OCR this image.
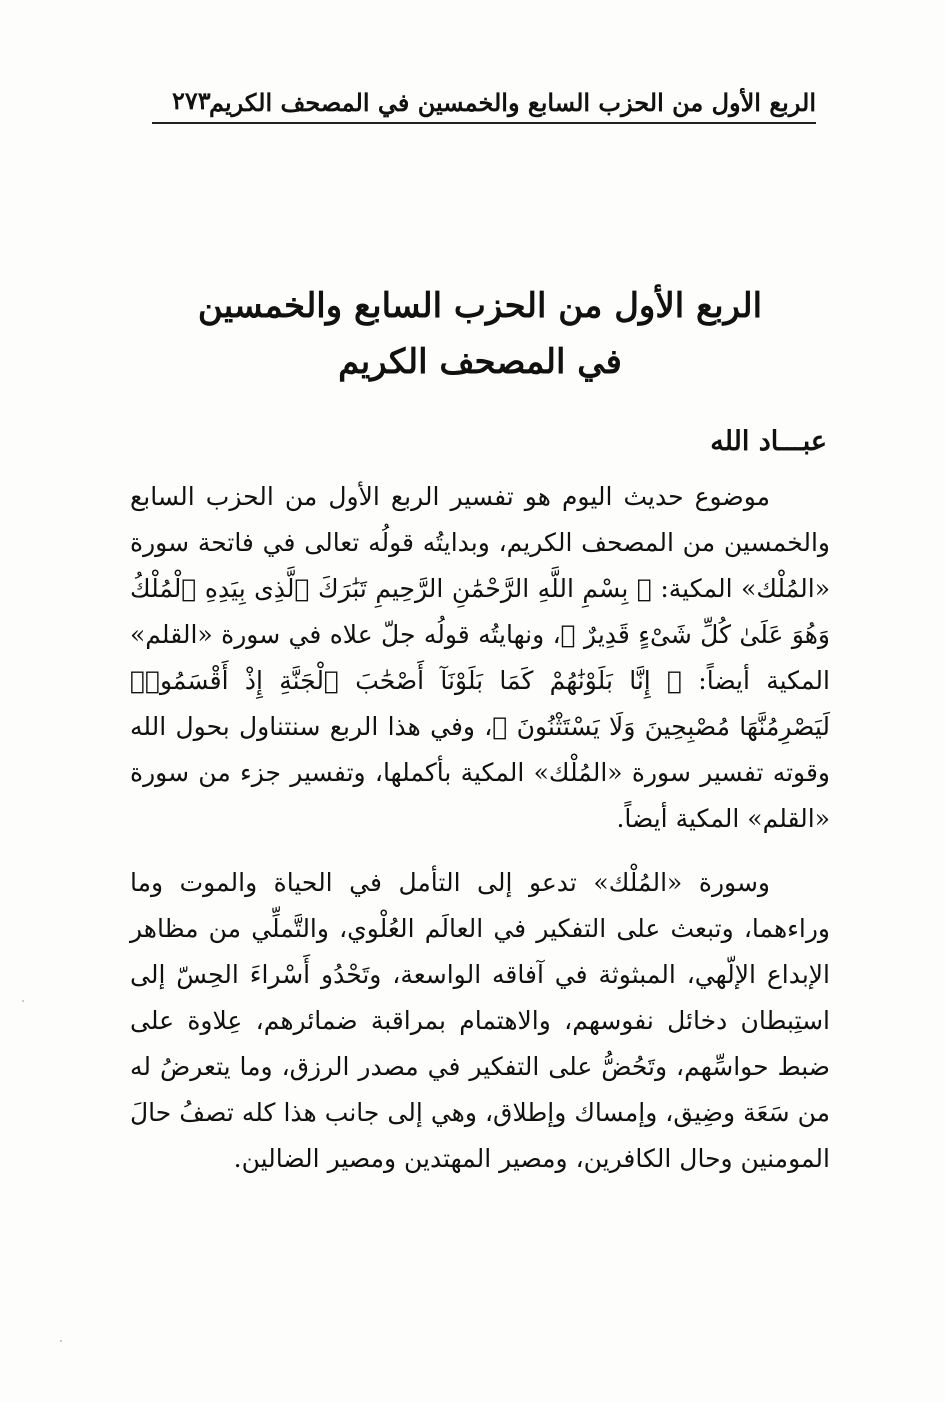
الربع الأول من الحزب السابع والخمسين في المصحف الكريم
٢٧٣
الربع الأول من الحزب السابع والخمسين
في المصحف الكريم
عبـــاد الله

موضوع حديث اليوم هو تفسير الربع الأول من الحزب السابع والخمسين من المصحف الكريم، وبدايتُه قولُه تعالى في فاتحة سورة «المُلْك» المكية: ﴿ بِسْمِ اللَّهِ الرَّحْمَٰنِ الرَّحِيمِ تَبَٰرَكَ ٱلَّذِى بِيَدِهِ ٱلْمُلْكُ وَهُوَ عَلَىٰ كُلِّ شَىْءٍ قَدِيرٌ ﴾، ونهايتُه قولُه جلّ علاه في سورة «القلم» المكية أيضاً: ﴿ إِنَّا بَلَوْنَٰهُمْ كَمَا بَلَوْنَآ أَصْحَٰبَ ٱلْجَنَّةِ إِذْ أَقْسَمُوا۟ لَيَصْرِمُنَّهَا مُصْبِحِينَ وَلَا يَسْتَثْنُونَ ﴾، وفي هذا الربع سنتناول بحول الله وقوته تفسير سورة «المُلْك» المكية بأكملها، وتفسير جزء من سورة «القلم» المكية أيضاً.

وسورة «المُلْك» تدعو إلى التأمل في الحياة والموت وما وراءهما، وتبعث على التفكير في العالَم العُلْوي، والتَّملِّي من مظاهر الإبداع الإلّهي، المبثوثة في آفاقه الواسعة، وتَحْدُو أَسْراءَ الحِسّ إلى استِبطان دخائل نفوسهم، والاهتمام بمراقبة ضمائرهم، عِلاوة على ضبط حواسِّهم، وتَحُضُّ على التفكير في مصدر الرزق، وما يتعرضُ له من سَعَة وضِيق، وإمساك وإطلاق، وهي إلى جانب هذا كله تصفُ حالَ المومنين وحال الكافرين، ومصير المهتدين ومصير الضالين.
